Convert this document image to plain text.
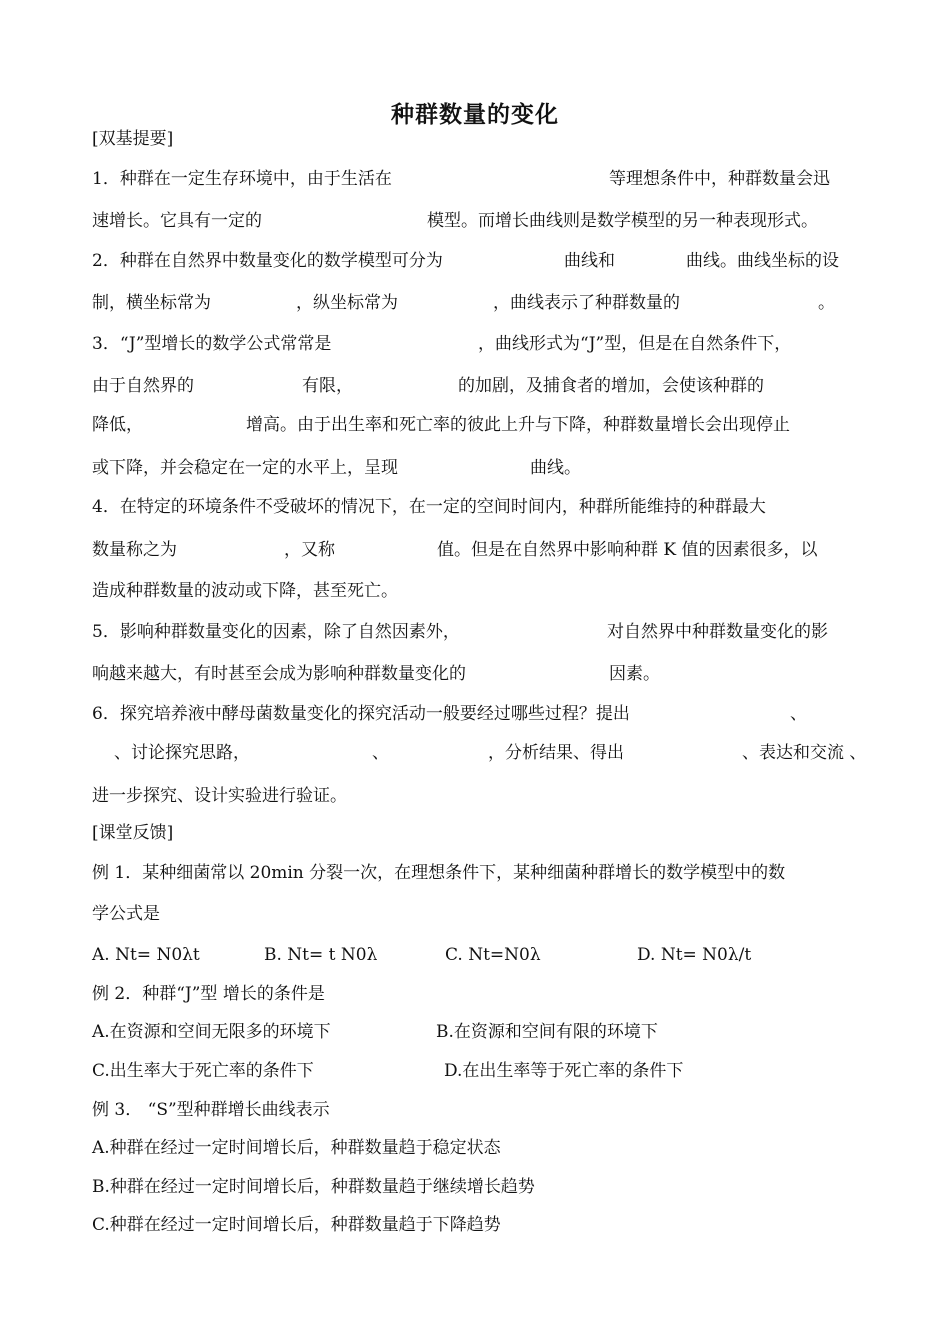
种群数量的变化
[双基提要]
1．种群在一定生存环境中，由于生活在	等理想条件中，种群数量会迅
速增长。它具有一定的	模型。而增长曲线则是数学模型的另一种表现形式。
2．种群在自然界中数量变化的数学模型可分为	曲线和	曲线。曲线坐标的设
制，横坐标常为	，纵坐标常为	，曲线表示了种群数量的	。
3．“J”型增长的数学公式常常是	，曲线形式为“J”型，但是在自然条件下，
由于自然界的	有限，	的加剧，及捕食者的增加，会使该种群的
降低，	增高。由于出生率和死亡率的彼此上升与下降，种群数量增长会出现停止
或下降，并会稳定在一定的水平上，呈现	曲线。
4．在特定的环境条件不受破坏的情况下，在一定的空间时间内，种群所能维持的种群最大
数量称之为	，又称	值。但是在自然界中影响种群 K 值的因素很多，以
造成种群数量的波动或下降，甚至死亡。
5．影响种群数量变化的因素，除了自然因素外，	对自然界中种群数量变化的影
响越来越大，有时甚至会成为影响种群数量变化的	因素。
6．探究培养液中酵母菌数量变化的探究活动一般要经过哪些过程？提出	、
、讨论探究思路，	、	，分析结果、得出	、表达和交流 、
进一步探究、设计实验进行验证。
[课堂反馈]
例 1．某种细菌常以 20min 分裂一次，在理想条件下，某种细菌种群增长的数学模型中的数
学公式是
A. Nt= N0λt	B. Nt= t N0λ	C. Nt=N0λ	D. Nt= N0λ/t
例 2．种群“J”型 增长的条件是
A.在资源和空间无限多的环境下	B.在资源和空间有限的环境下
C.出生率大于死亡率的条件下	D.在出生率等于死亡率的条件下
例 3． “S”型种群增长曲线表示
A.种群在经过一定时间增长后，种群数量趋于稳定状态
B.种群在经过一定时间增长后，种群数量趋于继续增长趋势
C.种群在经过一定时间增长后，种群数量趋于下降趋势
